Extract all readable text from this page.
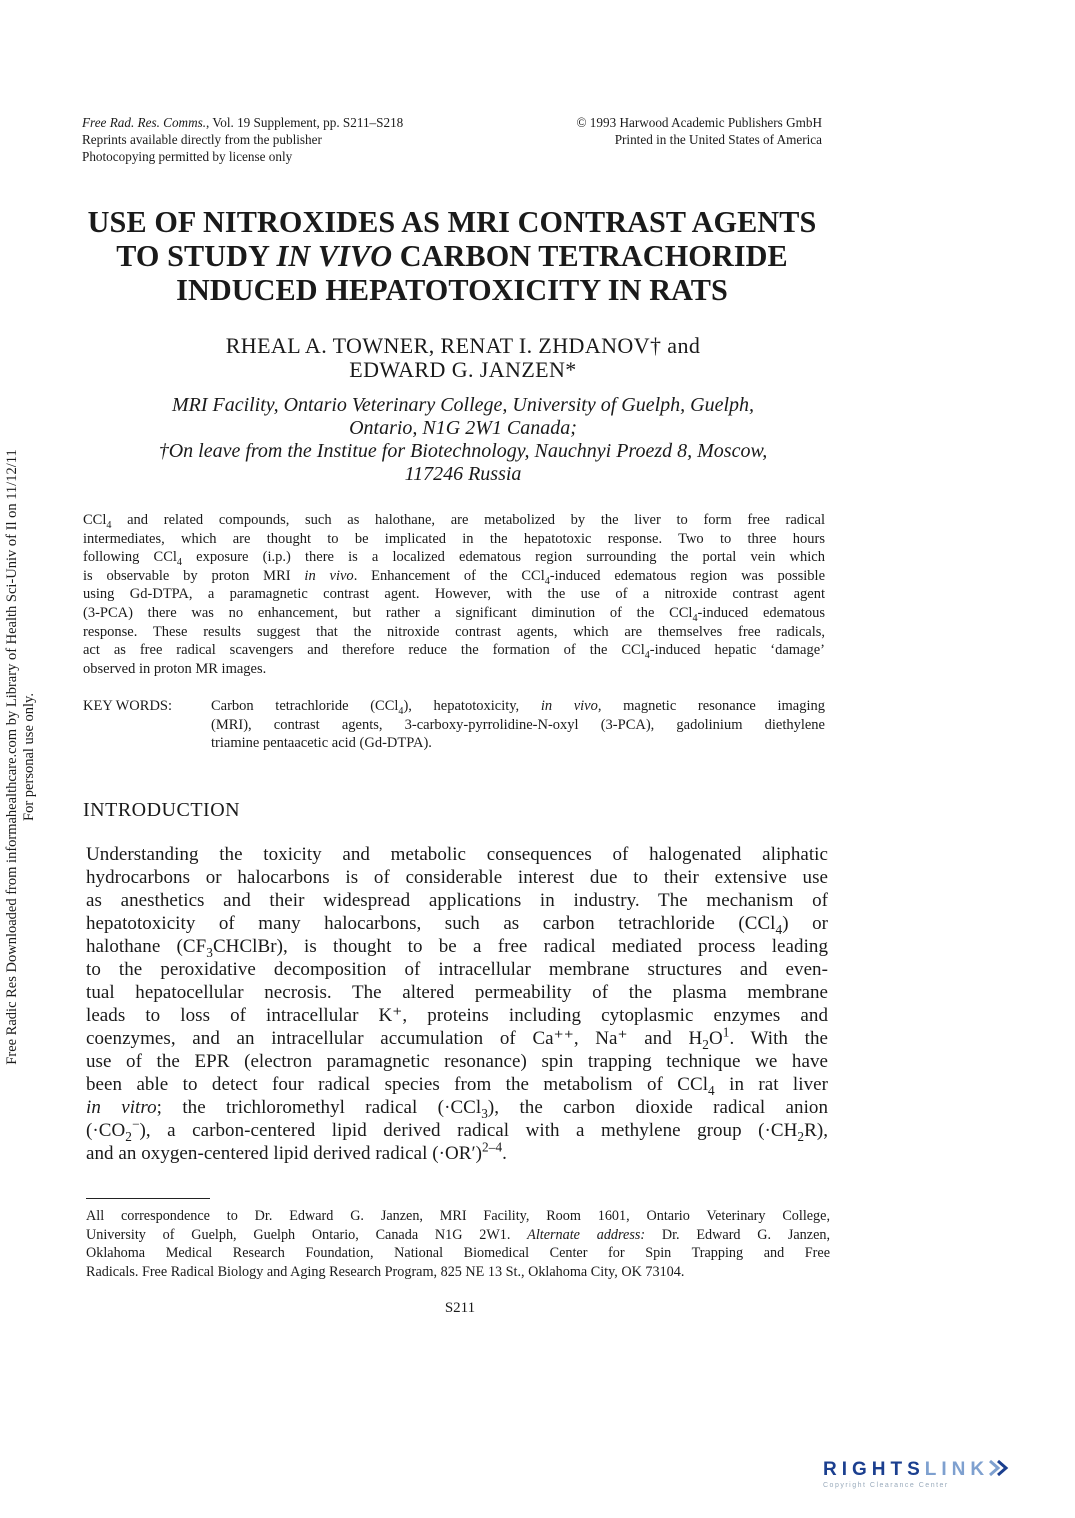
Free Rad. Res. Comms., Vol. 19 Supplement, pp. S211–S218
Reprints available directly from the publisher
Photocopying permitted by license only
© 1993 Harwood Academic Publishers GmbH
Printed in the United States of America
USE OF NITROXIDES AS MRI CONTRAST AGENTS
TO STUDY IN VIVO CARBON TETRACHORIDE
INDUCED HEPATOTOXICITY IN RATS
RHEAL A. TOWNER, RENAT I. ZHDANOV† and
EDWARD G. JANZEN*
MRI Facility, Ontario Veterinary College, University of Guelph, Guelph,
Ontario, N1G 2W1 Canada;
†On leave from the Institue for Biotechnology, Nauchnyi Proezd 8, Moscow,
117246 Russia
CCl$_4$ and related compounds, such as halothane, are metabolized by the liver to form free radical
intermediates, which are thought to be implicated in the hepatotoxic response. Two to three hours
following CCl$_4$ exposure (i.p.) there is a localized edematous region surrounding the portal vein which
is observable by proton MRI in vivo. Enhancement of the CCl$_4$-induced edematous region was possible
using Gd-DTPA, a paramagnetic contrast agent. However, with the use of a nitroxide contrast agent
(3-PCA) there was no enhancement, but rather a significant diminution of the CCl$_4$-induced edematous
response. These results suggest that the nitroxide contrast agents, which are themselves free radicals,
act as free radical scavengers and therefore reduce the formation of the CCl$_4$-induced hepatic ‘damage’
observed in proton MR images.
KEY WORDS:	Carbon tetrachloride (CCl$_4$), hepatotoxicity, in vivo, magnetic resonance imaging
(MRI), contrast agents, 3-carboxy-pyrrolidine-N-oxyl (3-PCA), gadolinium diethylene
triamine pentaacetic acid (Gd-DTPA).
INTRODUCTION
Understanding the toxicity and metabolic consequences of halogenated aliphatic
hydrocarbons or halocarbons is of considerable interest due to their extensive use
as anesthetics and their widespread applications in industry. The mechanism of
hepatotoxicity of many halocarbons, such as carbon tetrachloride (CCl$_4$) or
halothane $(CF_3CHClBr)$, is thought to be a free radical mediated process leading
to the peroxidative decomposition of intracellular membrane structures and even-
tual hepatocellular necrosis. The altered permeability of the plasma membrane
leads to loss of intracellular K⁺, proteins including cytoplasmic enzymes and
coenzymes, and an intracellular accumulation of Ca⁺⁺, Na⁺ and $H_2O^1$. With the
use of the EPR (electron paramagnetic resonance) spin trapping technique we have
been able to detect four radical species from the metabolism of CCl$_4$ in rat liver
in vitro; the trichloromethyl radical (·CCl$_3$), the carbon dioxide radical anion
$(\cdot CO_2^-)$, a carbon-centered lipid derived radical with a methylene group $(\cdot CH_2R)$,
and an oxygen-centered lipid derived radical $(\cdot OR')^{2-4}$.
All correspondence to Dr. Edward G. Janzen, MRI Facility, Room 1601, Ontario Veterinary College,
University of Guelph, Guelph Ontario, Canada N1G 2W1. Alternate address: Dr. Edward G. Janzen,
Oklahoma Medical Research Foundation, National Biomedical Center for Spin Trapping and Free
Radicals. Free Radical Biology and Aging Research Program, 825 NE 13 St., Oklahoma City, OK 73104.
S211
Free Radic Res Downloaded from informahealthcare.com by Library of Health Sci-Univ of Il on 11/12/11 For personal use only.
RIGHTSLINK
Copyright Clearance Center
